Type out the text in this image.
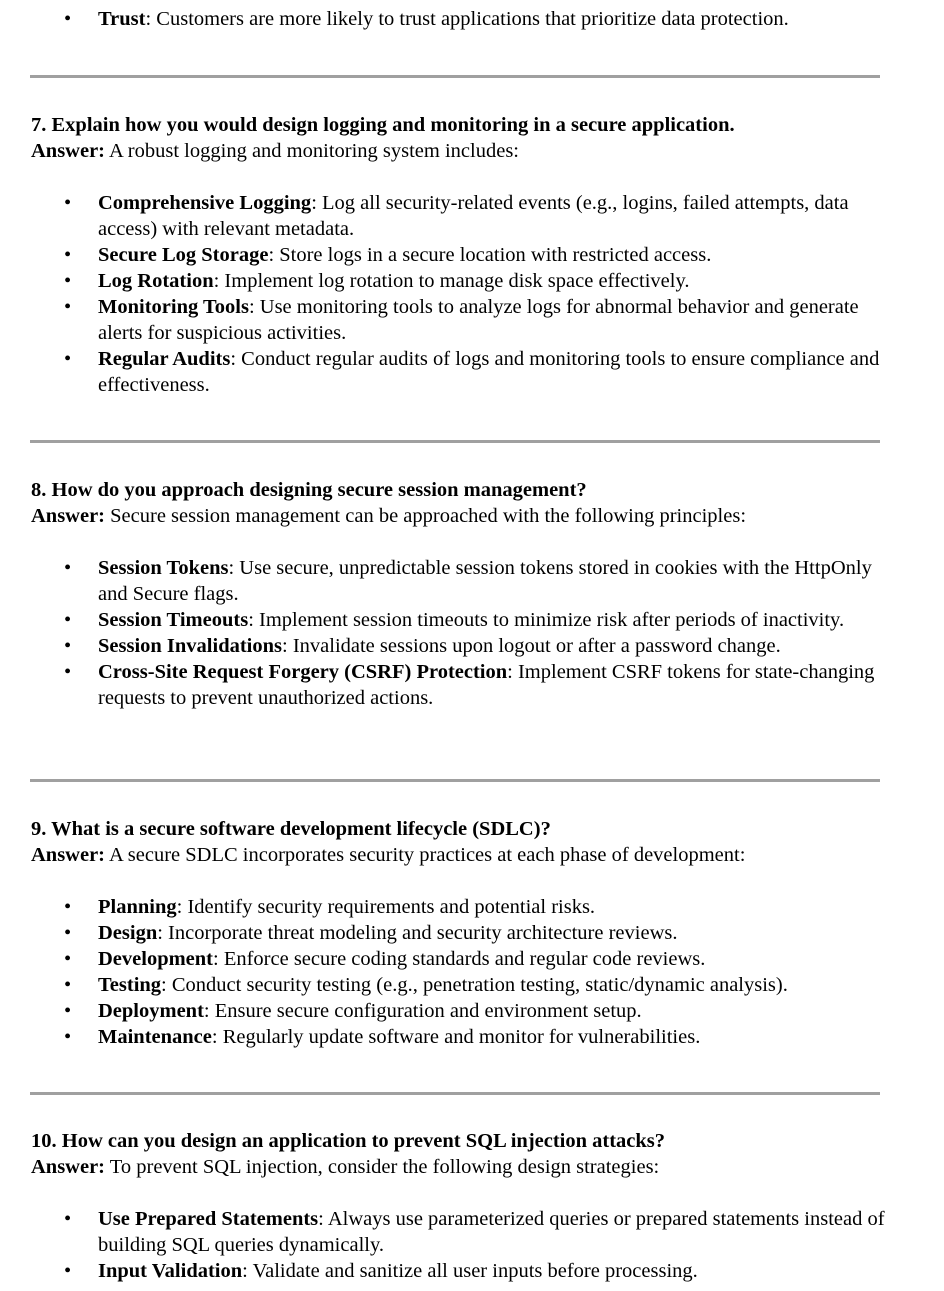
• Trust: Customers are more likely to trust applications that prioritize data protection.

7. Explain how you would design logging and monitoring in a secure application.

Answer: A robust logging and monitoring system includes:

• Comprehensive Logging: Log all security-related events (e.g., logins, failed attempts, data access) with relevant metadata.
• Secure Log Storage: Store logs in a secure location with restricted access.
• Log Rotation: Implement log rotation to manage disk space effectively.
• Monitoring Tools: Use monitoring tools to analyze logs for abnormal behavior and generate alerts for suspicious activities.
• Regular Audits: Conduct regular audits of logs and monitoring tools to ensure compliance and effectiveness.

8. How do you approach designing secure session management?

Answer: Secure session management can be approached with the following principles:

• Session Tokens: Use secure, unpredictable session tokens stored in cookies with the HttpOnly and Secure flags.
• Session Timeouts: Implement session timeouts to minimize risk after periods of inactivity.
• Session Invalidations: Invalidate sessions upon logout or after a password change.
• Cross-Site Request Forgery (CSRF) Protection: Implement CSRF tokens for state-changing requests to prevent unauthorized actions.

9. What is a secure software development lifecycle (SDLC)?

Answer: A secure SDLC incorporates security practices at each phase of development:

• Planning: Identify security requirements and potential risks.
• Design: Incorporate threat modeling and security architecture reviews.
• Development: Enforce secure coding standards and regular code reviews.
• Testing: Conduct security testing (e.g., penetration testing, static/dynamic analysis).
• Deployment: Ensure secure configuration and environment setup.
• Maintenance: Regularly update software and monitor for vulnerabilities.

10. How can you design an application to prevent SQL injection attacks?

Answer: To prevent SQL injection, consider the following design strategies:

• Use Prepared Statements: Always use parameterized queries or prepared statements instead of building SQL queries dynamically.
• Input Validation: Validate and sanitize all user inputs before processing.
